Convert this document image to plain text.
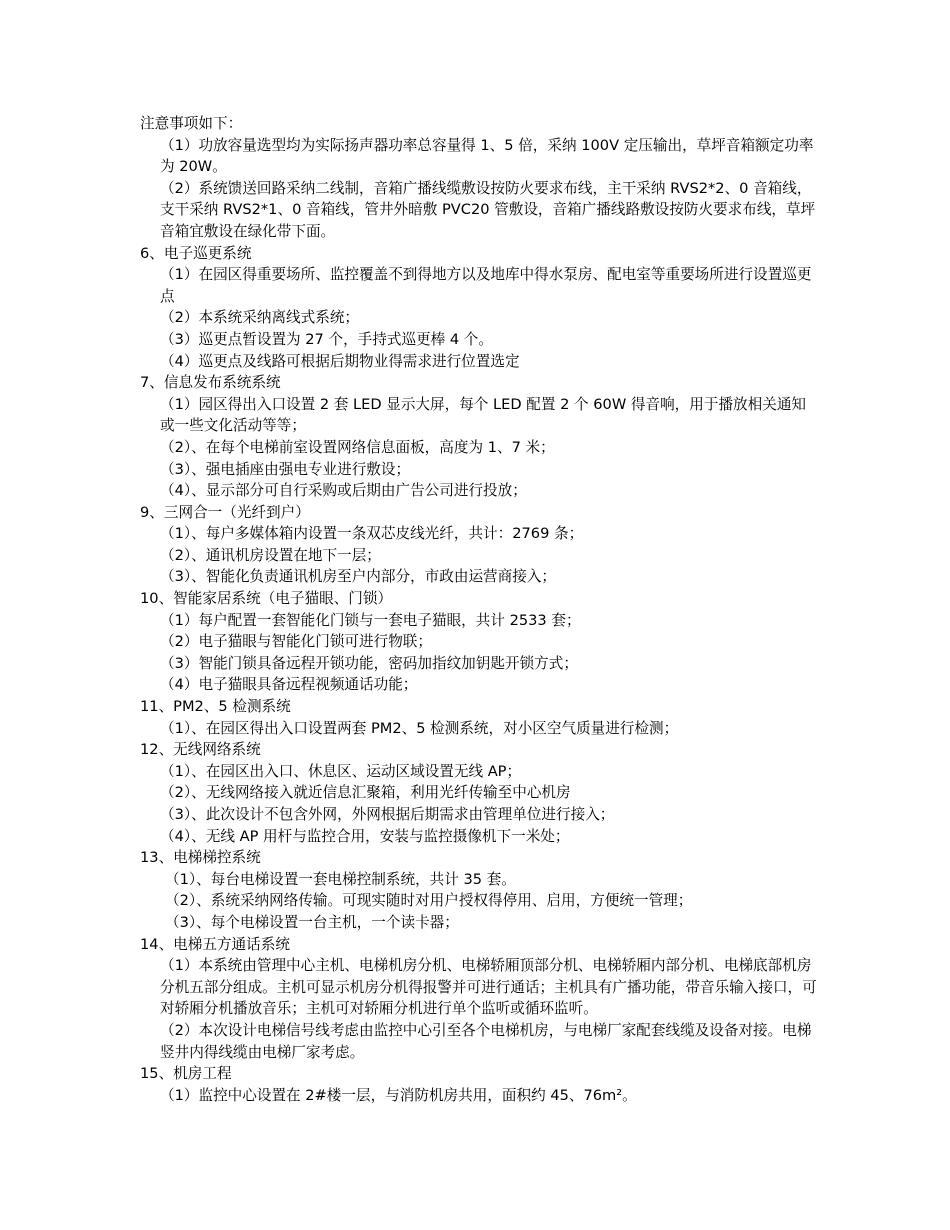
注意事项如下：

（1）功放容量选型均为实际扬声器功率总容量得 1、5 倍，采纳 100V 定压输出，草坪音箱额定功率为 20W。

（2）系统馈送回路采纳二线制，音箱广播线缆敷设按防火要求布线，主干采纳 RVS2*2、0 音箱线，支干采纳 RVS2*1、0 音箱线，管井外暗敷 PVC20 管敷设，音箱广播线路敷设按防火要求布线，草坪音箱宜敷设在绿化带下面。

6、电子巡更系统

（1）在园区得重要场所、监控覆盖不到得地方以及地库中得水泵房、配电室等重要场所进行设置巡更点

（2）本系统采纳离线式系统；

（3）巡更点暂设置为 27 个，手持式巡更棒 4 个。

（4）巡更点及线路可根据后期物业得需求进行位置选定

7、信息发布系统系统

（1）园区得出入口设置 2 套 LED 显示大屏，每个 LED 配置 2 个 60W 得音响，用于播放相关通知或一些文化活动等等；

（2）、在每个电梯前室设置网络信息面板，高度为 1、7 米；

（3）、强电插座由强电专业进行敷设；

（4）、显示部分可自行采购或后期由广告公司进行投放；

9、三网合一（光纤到户）

（1）、每户多媒体箱内设置一条双芯皮线光纤，共计：2769 条；

（2）、通讯机房设置在地下一层；

（3）、智能化负责通讯机房至户内部分，市政由运营商接入；

10、智能家居系统（电子猫眼、门锁）

（1）每户配置一套智能化门锁与一套电子猫眼，共计 2533 套；

（2）电子猫眼与智能化门锁可进行物联；

（3）智能门锁具备远程开锁功能，密码加指纹加钥匙开锁方式；

（4）电子猫眼具备远程视频通话功能；

11、PM2、5 检测系统

（1）、在园区得出入口设置两套 PM2、5 检测系统，对小区空气质量进行检测；

12、无线网络系统

（1）、在园区出入口、休息区、运动区域设置无线 AP；

（2）、无线网络接入就近信息汇聚箱，利用光纤传输至中心机房

（3）、此次设计不包含外网，外网根据后期需求由管理单位进行接入；

（4）、无线 AP 用杆与监控合用，安装与监控摄像机下一米处；

13、电梯梯控系统

（1）、每台电梯设置一套电梯控制系统，共计 35 套。

（2）、系统采纳网络传输。可现实随时对用户授权得停用、启用，方便统一管理；

（3）、每个电梯设置一台主机，一个读卡器；

14、电梯五方通话系统

（1）本系统由管理中心主机、电梯机房分机、电梯轿厢顶部分机、电梯轿厢内部分机、电梯底部机房分机五部分组成。主机可显示机房分机得报警并可进行通话；主机具有广播功能，带音乐输入接口，可对轿厢分机播放音乐；主机可对轿厢分机进行单个监听或循环监听。

（2）本次设计电梯信号线考虑由监控中心引至各个电梯机房，与电梯厂家配套线缆及设备对接。电梯竖井内得线缆由电梯厂家考虑。

15、机房工程

（1）监控中心设置在 2#楼一层，与消防机房共用，面积约 45、76m²。
